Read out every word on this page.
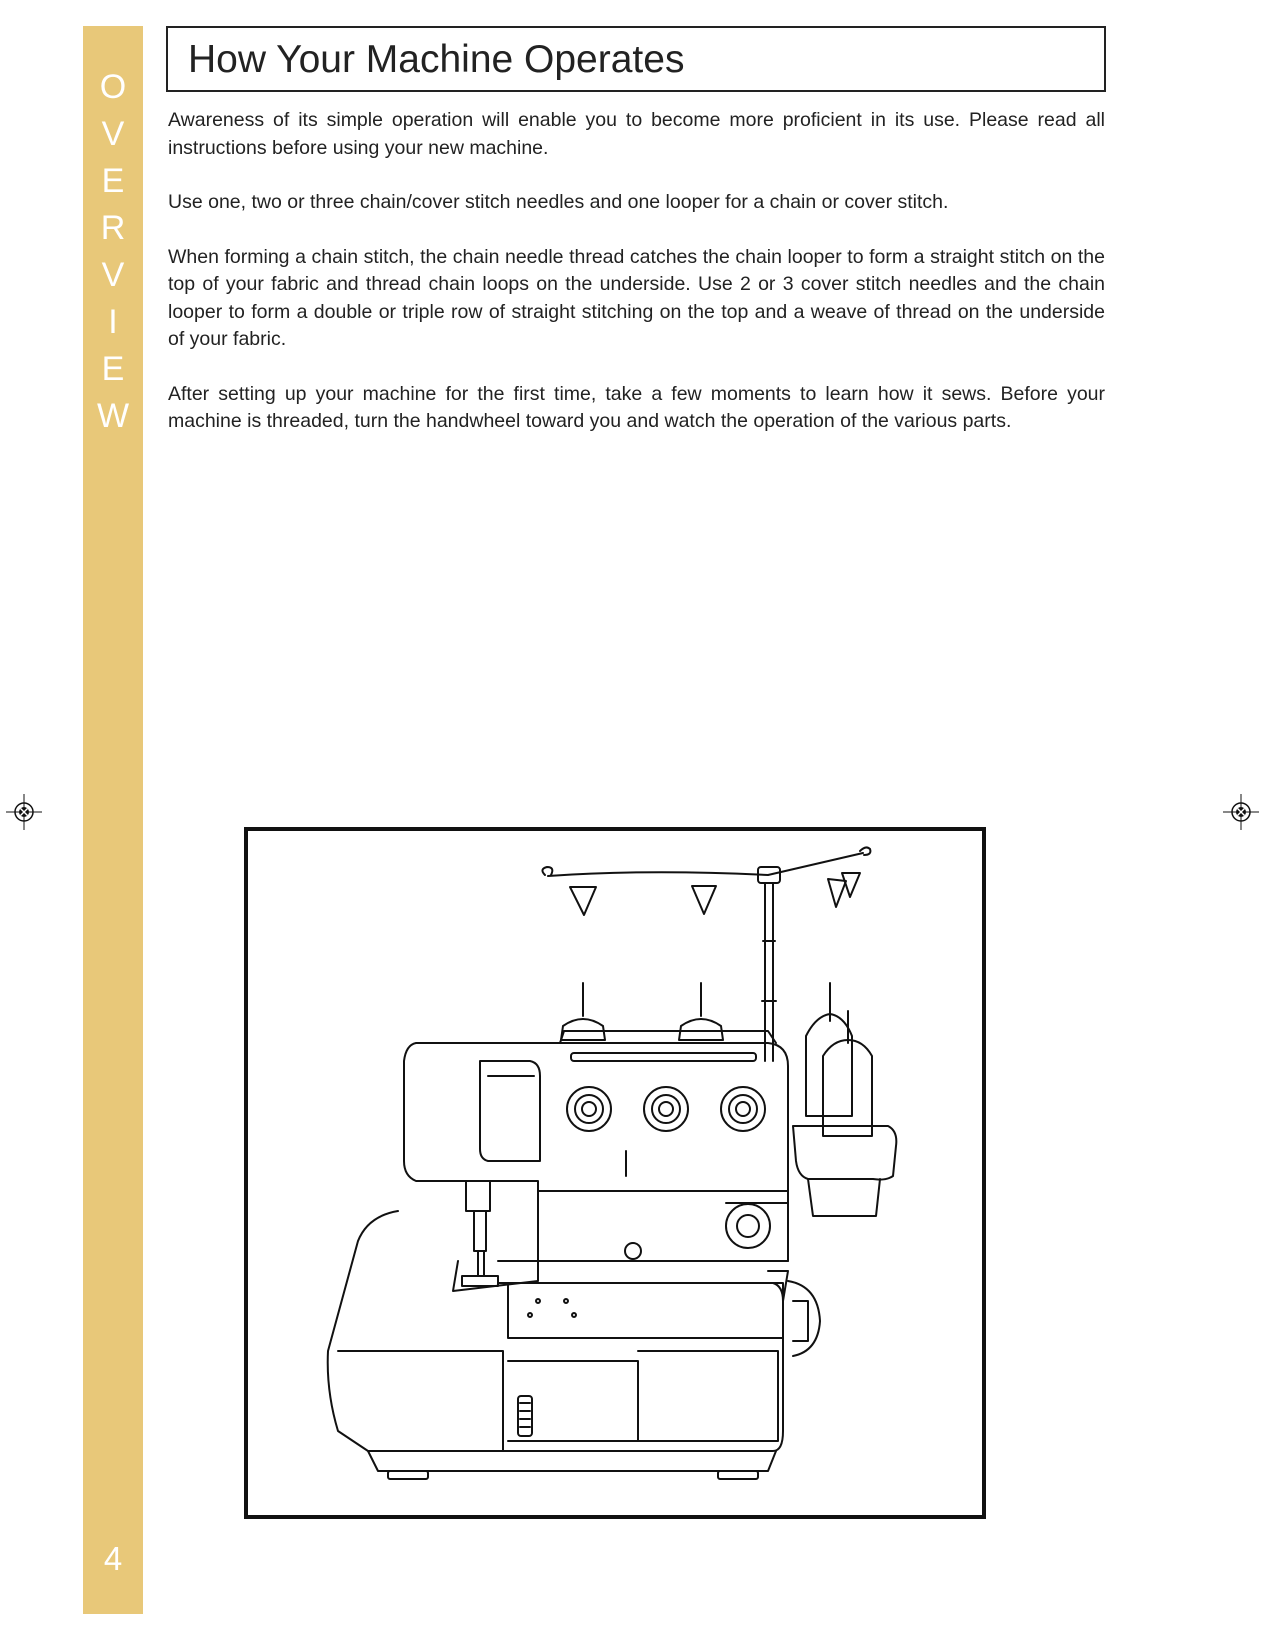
O
V
E
R
V
I
E
W
4
How Your Machine Operates

Awareness of its simple operation will enable you to become more proficient in its use. Please read all instructions before using your new machine.

Use one, two or three chain/cover stitch needles and one looper for a chain or cover stitch.

When forming a chain stitch, the chain needle thread catches the chain looper to form a straight stitch on the top of your fabric and thread chain loops on the underside. Use 2 or 3 cover stitch needles and the chain looper to form a double or triple row of straight stitching on the top and a weave of thread on the underside of your fabric.

After setting up your machine for the first time, take a few moments to learn how it sews. Before your machine is threaded, turn the handwheel toward you and watch the operation of the various parts.
